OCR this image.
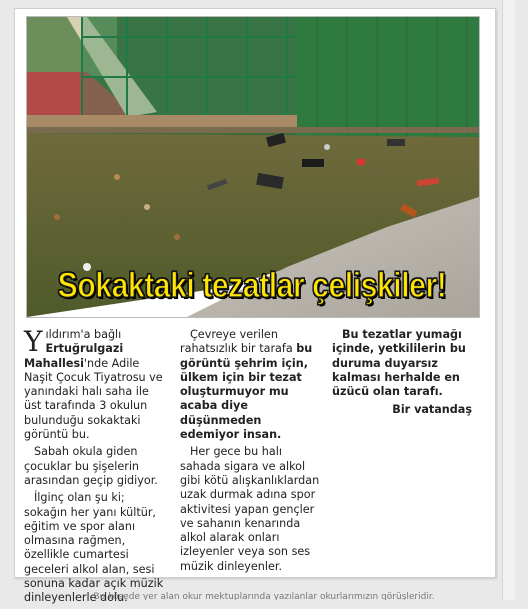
Sokaktaki tezatlar çelişkiler!

Yıldırım'a bağlı Ertuğrulgazi Mahallesi'nde Adile Naşit Çocuk Tiyatrosu ve yanındaki halı saha ile üst tarafında 3 okulun bulunduğu sokaktaki görüntü bu.

Sabah okula giden çocuklar bu şişelerin arasından geçip gidiyor.

İlginç olan şu ki; sokağın her yanı kültür, eğitim ve spor alanı olmasına rağmen, özellikle cumartesi geceleri alkol alan, sesi sonuna kadar açık müzik dinleyenlerle dolu.

Çevreye verilen rahatsızlık bir tarafa bu görüntü şehrim için, ülkem için bir tezat oluşturmuyor mu acaba diye düşünmeden edemiyor insan.

Her gece bu halı sahada sigara ve alkol gibi kötü alışkanlıklardan uzak durmak adına spor aktivitesi yapan gençler ve sahanın kenarında alkol alarak onları izleyenler veya son ses müzik dinleyenler.

Bu tezatlar yumağı içinde, yetkililerin bu duruma duyarsız kalması herhalde en üzücü olan tarafı.

Bir vatandaş
Bu köşede yer alan okur mektuplarında yazılanlar okurlarımızın görüşleridir.
